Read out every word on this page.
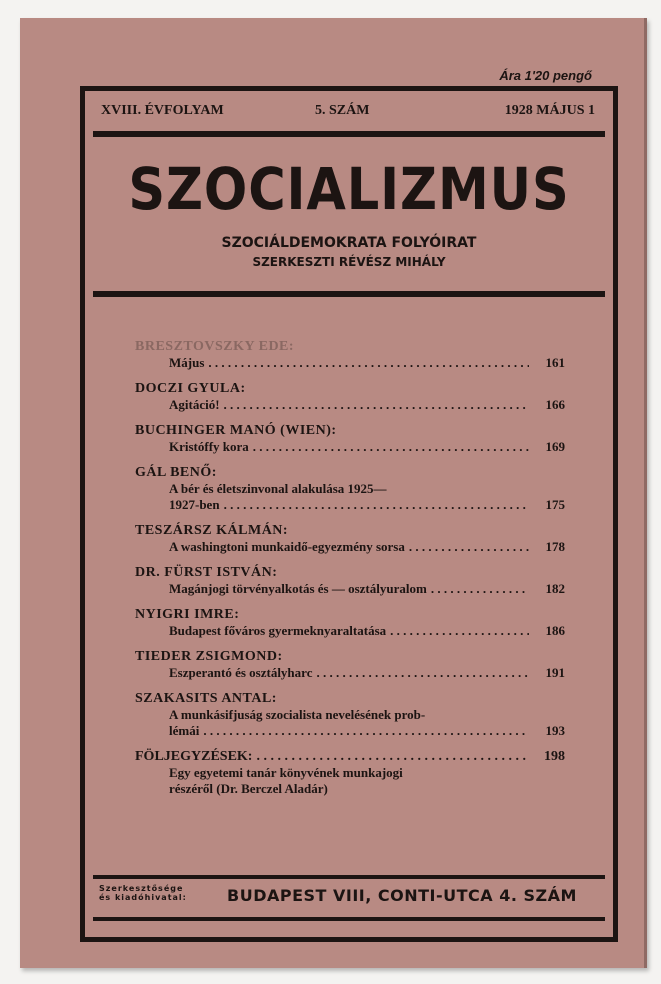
Ára 1'20 pengő
XVIII. ÉVFOLYAM	5. SZÁM	1928 MÁJUS 1
SZOCIALIZMUS
SZOCIÁLDEMOKRATA FOLYÓIRAT
SZERKESZTI RÉVÉSZ MIHÁLY
BRESZTOVSZKY EDE:
Május . . .	161
DOCZI GYULA:
Agitáció! . . .	166
BUCHINGER MANÓ (WIEN):
Kristóffy kora . . .	169
GÁL BENŐ:
A bér és életszinvonal alakulása 1925—
1927-ben . . .	175
TESZÁRSZ KÁLMÁN:
A washingtoni munkaidő-egyezmény sorsa . . .	178
DR. FÜRST ISTVÁN:
Magánjogi törvényalkotás és — osztályuralom . . .	182
NYIGRI IMRE:
Budapest főváros gyermeknyaraltatása . . .	186
TIEDER ZSIGMOND:
Eszperantó és osztályharc . . .	191
SZAKASITS ANTAL:
A munkásifjuság szocialista nevelésének prob-
lémái . . .	193
FÖLJEGYZÉSEK: . . .	198
Egy egyetemi tanár könyvének munkajogi
részéről (Dr. Berczel Aladár)
Szerkesztősége
és kiadóhivatal:	BUDAPEST VIII, CONTI-UTCA 4. SZÁM
